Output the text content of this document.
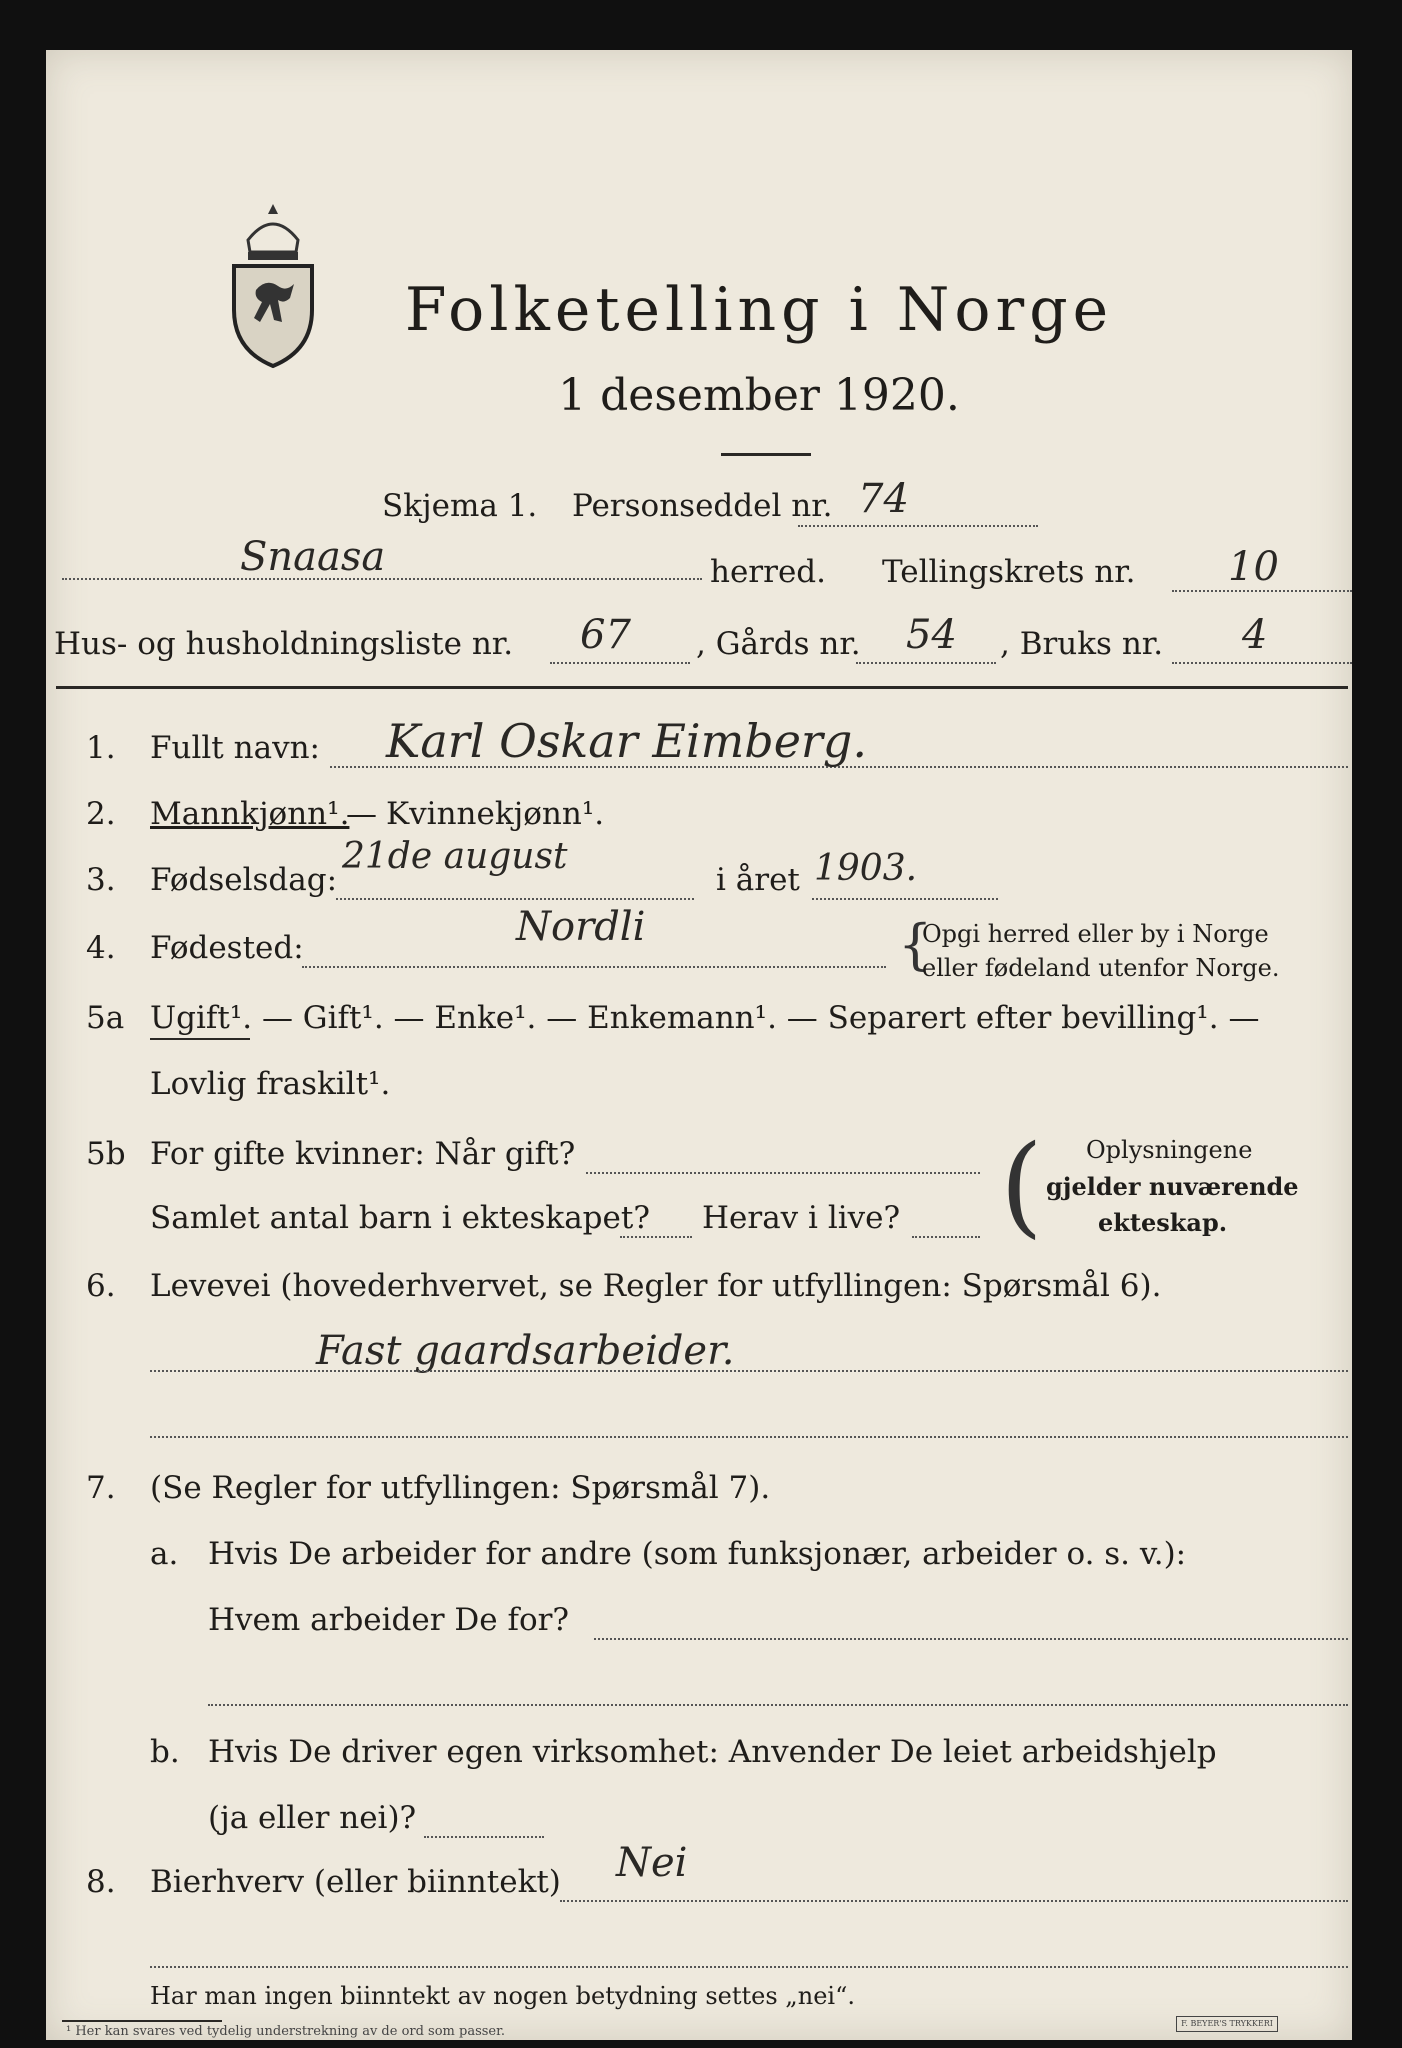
Folketelling i Norge
1 desember 1920.
Skjema 1. Personseddel nr. 74
Snaasa	herred. Tellingskrets nr. 10
Hus- og husholdningsliste nr. 67 , Gårds nr. 54 , Bruks nr. 4
1. Fullt navn: Karl Oskar Eimberg.
2. Mannkjønn¹.
— Kvinnekjønn¹.
3. Fødselsdag:
21de august
i året 1903.
4. Fødested:	Nordli	{
Opgi herred eller by i Norge
eller fødeland utenfor Norge.
5a Ugift¹. — Gift¹. — Enke¹. — Enkemann¹. — Separert efter bevilling¹. —
Lovlig fraskilt¹.
5b For gifte kvinner: Når gift?
Samlet antal barn i ekteskapet? Herav i live? ( Oplysningene
gjelder nuværende
ekteskap.
6. Levevei (hovederhvervet, se Regler for utfyllingen: Spørsmål 6).
Fast gaardsarbeider.
7. (Se Regler for utfyllingen: Spørsmål 7).
a. Hvis De arbeider for andre (som funksjonær, arbeider o. s. v.):
Hvem arbeider De for?
b. Hvis De driver egen virksomhet: Anvender De leiet arbeidshjelp
(ja eller nei)?
8. Bierhverv (eller biinntekt) Nei
Har man ingen biinntekt av nogen betydning settes „nei“.
¹ Her kan svares ved tydelig understrekning av de ord som passer.
F. BEYER'S TRYKKERI
